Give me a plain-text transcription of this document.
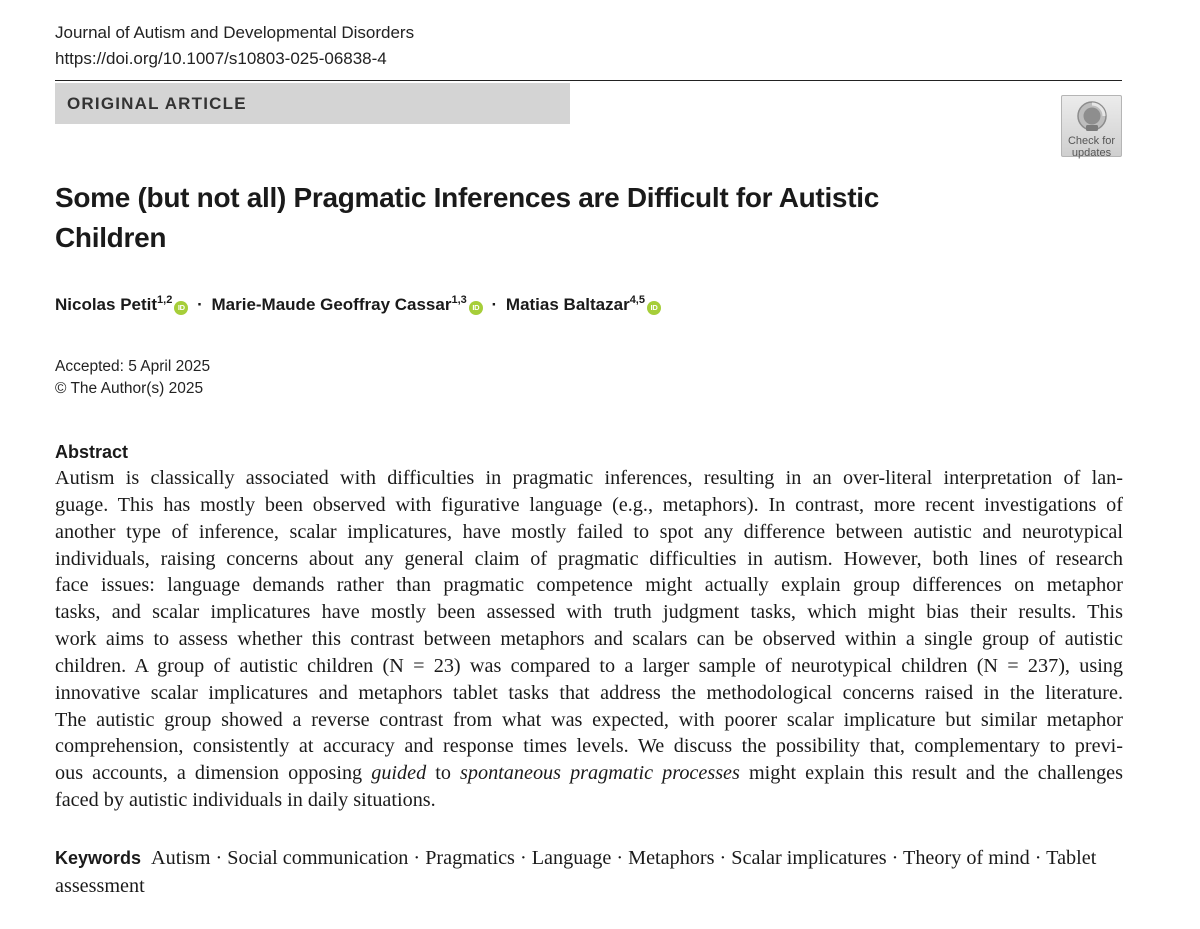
Journal of Autism and Developmental Disorders
https://doi.org/10.1007/s10803-025-06838-4
ORIGINAL ARTICLE
Check for
updates
Some (but not all) Pragmatic Inferences are Difficult for Autistic
Children
Nicolas Petit$^{1,2}$ID · Marie-Maude Geoffray Cassar$^{1,3}$ID · Matias Baltazar$^{4,5}$ID
Accepted: 5 April 2025
© The Author(s) 2025
Abstract

Autism is classically associated with difficulties in pragmatic inferences, resulting in an over-literal interpretation of lan-
guage. This has mostly been observed with figurative language (e.g., metaphors). In contrast, more recent investigations of
another type of inference, scalar implicatures, have mostly failed to spot any difference between autistic and neurotypical
individuals, raising concerns about any general claim of pragmatic difficulties in autism. However, both lines of research
face issues: language demands rather than pragmatic competence might actually explain group differences on metaphor
tasks, and scalar implicatures have mostly been assessed with truth judgment tasks, which might bias their results. This
work aims to assess whether this contrast between metaphors and scalars can be observed within a single group of autistic
children. A group of autistic children (N = 23) was compared to a larger sample of neurotypical children (N = 237), using
innovative scalar implicatures and metaphors tablet tasks that address the methodological concerns raised in the literature.
The autistic group showed a reverse contrast from what was expected, with poorer scalar implicature but similar metaphor
comprehension, consistently at accuracy and response times levels. We discuss the possibility that, complementary to previ-
ous accounts, a dimension opposing guided to spontaneous pragmatic processes might explain this result and the challenges
faced by autistic individuals in daily situations.

Keywords Autism · Social communication · Pragmatics · Language · Metaphors · Scalar implicatures · Theory of mind · Tablet assessment
